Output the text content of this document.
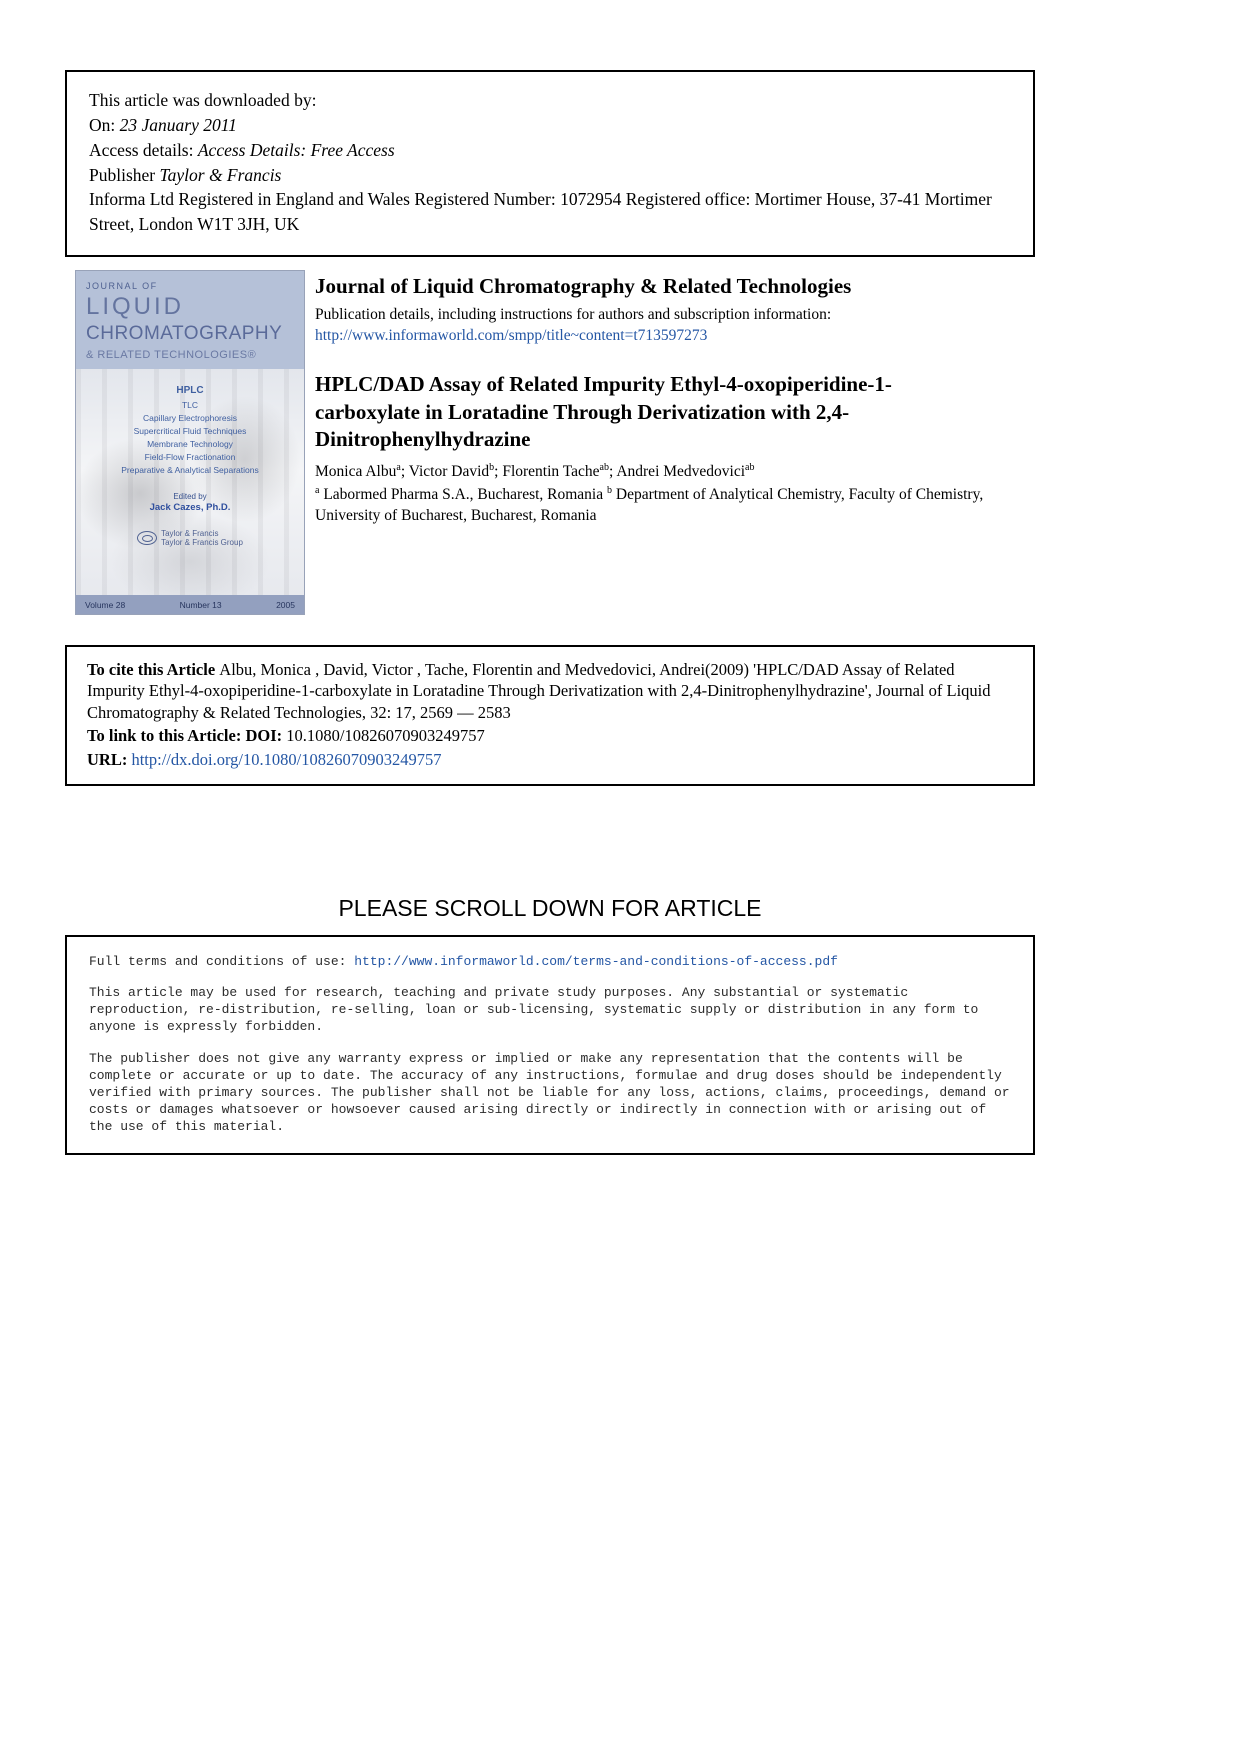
This article was downloaded by:
On: 23 January 2011
Access details: Access Details: Free Access
Publisher Taylor & Francis
Informa Ltd Registered in England and Wales Registered Number: 1072954 Registered office: Mortimer House, 37-41 Mortimer Street, London W1T 3JH, UK
JOURNAL OF
LIQUID
CHROMATOGRAPHY
& RELATED TECHNOLOGIES®
HPLC
TLC
Capillary Electrophoresis
Supercritical Fluid Techniques
Membrane Technology
Field-Flow Fractionation
Preparative & Analytical Separations
Edited by
Jack Cazes, Ph.D.
Taylor & Francis
Taylor & Francis Group
Volume 28	Number 13	2005
Journal of Liquid Chromatography & Related Technologies
Publication details, including instructions for authors and subscription information:
http://www.informaworld.com/smpp/title~content=t713597273
HPLC/DAD Assay of Related Impurity Ethyl-4-oxopiperidine-1-carboxylate in Loratadine Through Derivatization with 2,4-Dinitrophenylhydrazine
Monica Albu$^a$; Victor David$^b$; Florentin Tache$^{ab}$; Andrei Medvedovici$^{ab}$
$^a$ Labormed Pharma S.A., Bucharest, Romania $^b$ Department of Analytical Chemistry, Faculty of Chemistry, University of Bucharest, Bucharest, Romania
To cite this Article Albu, Monica , David, Victor , Tache, Florentin and Medvedovici, Andrei(2009) 'HPLC/DAD Assay of Related Impurity Ethyl-4-oxopiperidine-1-carboxylate in Loratadine Through Derivatization with 2,4-Dinitrophenylhydrazine', Journal of Liquid Chromatography & Related Technologies, 32: 17, 2569 — 2583
To link to this Article: DOI: 10.1080/10826070903249757
URL: http://dx.doi.org/10.1080/10826070903249757
PLEASE SCROLL DOWN FOR ARTICLE
Full terms and conditions of use: http://www.informaworld.com/terms-and-conditions-of-access.pdf

This article may be used for research, teaching and private study purposes. Any substantial or systematic reproduction, re-distribution, re-selling, loan or sub-licensing, systematic supply or distribution in any form to anyone is expressly forbidden.

The publisher does not give any warranty express or implied or make any representation that the contents will be complete or accurate or up to date. The accuracy of any instructions, formulae and drug doses should be independently verified with primary sources. The publisher shall not be liable for any loss, actions, claims, proceedings, demand or costs or damages whatsoever or howsoever caused arising directly or indirectly in connection with or arising out of the use of this material.
